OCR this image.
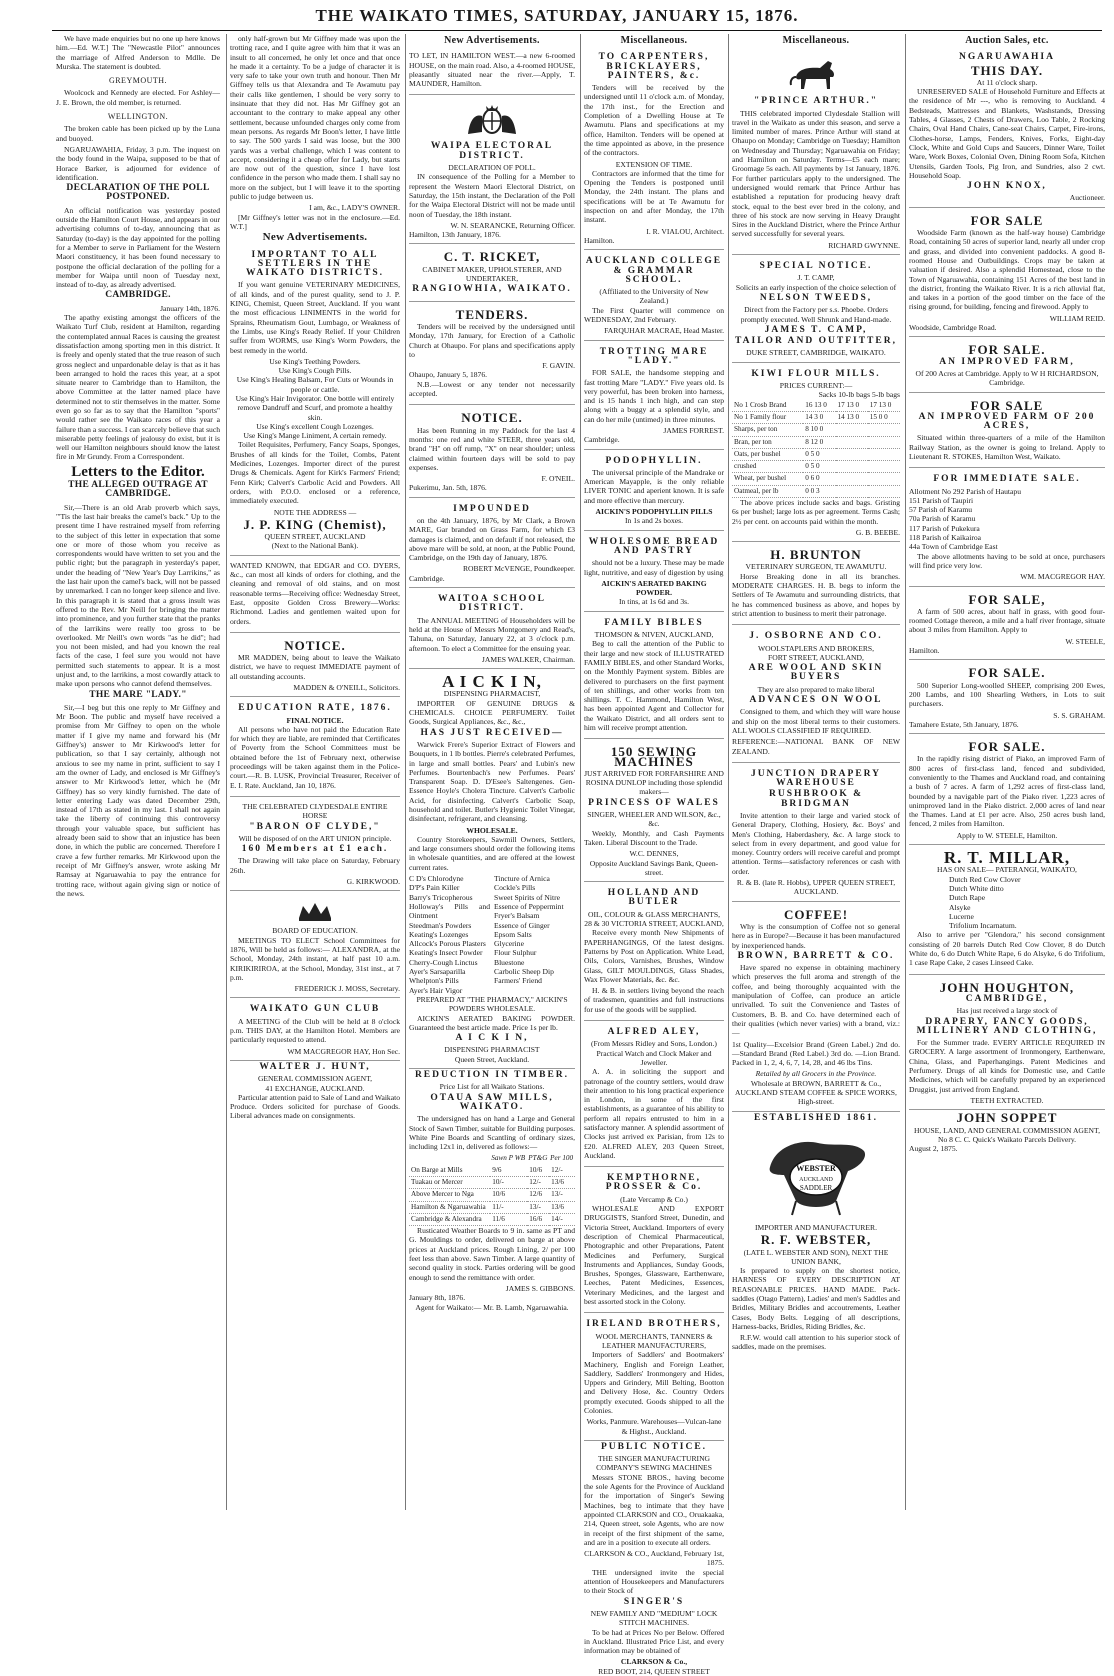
THE WAIKATO TIMES, SATURDAY, JANUARY 15, 1876.

We have made enquiries but no one up here knows him.—Ed. W.T.] The "Newcastle Pilot" announces the marriage of Alfred Anderson to Mdlle. De Murska. The statement is doubted.

GREYMOUTH.

Woolcock and Kennedy are elected. For Ashley—J. E. Brown, the old member, is returned.

WELLINGTON.

The broken cable has been picked up by the Luna and buoyed.

NGARUAWAHIA, Friday, 3 p.m. The inquest on the body found in the Waipa, supposed to be that of Horace Barker, is adjourned for evidence of identification.

DECLARATION OF THE POLL POSTPONED.

An official notification was yesterday posted outside the Hamilton Court House, and appears in our advertising columns of to-day, announcing that as Saturday (to-day) is the day appointed for the polling for a Member to serve in Parliament for the Western Maori constituency, it has been found necessary to postpone the official declaration of the polling for a member for Waipa until noon of Tuesday next, instead of to-day, as already advertised.

CAMBRIDGE.
January 14th, 1876.

The apathy existing amongst the officers of the Waikato Turf Club, resident at Hamilton, regarding the contemplated annual Races is causing the greatest dissatisfaction among sporting men in this district. It is freely and openly stated that the true reason of such gross neglect and unpardonable delay is that as it has been arranged to hold the races this year, at a spot situate nearer to Cambridge than to Hamilton, the above Committee at the latter named place have determined not to stir themselves in the matter. Some even go so far as to say that the Hamilton "sports" would rather see the Waikato races of this year a failure than a success. I can scarcely believe that such miserable petty feelings of jealousy do exist, but it is well our Hamilton neighbours should know the latest fire in Mr Grundy. From a Correspondent.

Letters to the Editor.
THE ALLEGED OUTRAGE AT CAMBRIDGE.

Sir,—There is an old Arab proverb which says, "'Tis the last hair breaks the camel's back." Up to the present time I have restrained myself from referring to the subject of this letter in expectation that some one or more of those whom you receive as correspondents would have written to set you and the public right; but the paragraph in yesterday's paper, under the heading of "New Year's Day Larrikins," as the last hair upon the camel's back, will not be passed by unremarked. I can no longer keep silence and live. In this paragraph it is stated that a gross insult was offered to the Rev. Mr Neill for bringing the matter into prominence, and you further state that the pranks of the larrikins were really too gross to be overlooked. Mr Neill's own words "as he did"; had you not been misled, and had you known the real facts of the case, I feel sure you would not have permitted such statements to appear. It is a most unjust and, to the larrikins, a most cowardly attack to make upon persons who cannot defend themselves.

THE MARE "LADY."

Sir,—I beg but this one reply to Mr Giffney and Mr Boon. The public and myself have received a promise from Mr Giffney to open on the whole matter if I give my name and forward his (Mr Giffney's) answer to Mr Kirkwood's letter for publication, so that I say certainly, although not anxious to see my name in print, sufficient to say I am the owner of Lady, and enclosed is Mr Giffney's answer to Mr Kirkwood's letter, which he (Mr Giffney) has so very kindly furnished. The date of letter entering Lady was dated December 29th, instead of 17th as stated in my last. I shall not again take the liberty of continuing this controversy through your valuable space, but sufficient has already been said to show that an injustice has been done, in which the public are concerned. Therefore I crave a few further remarks. Mr Kirkwood upon the receipt of Mr Giffney's answer, wrote asking Mr Ramsay at Ngaruawahia to pay the entrance for trotting race, without again giving sign or notice of the news.

only half-grown but Mr Giffney made was upon the trotting race, and I quite agree with him that it was an insult to all concerned, he only let once and that once he made it a certainty. To be a judge of character it is very safe to take your own truth and honour. Then Mr Giffney tells us that Alexandra and Te Awamutu pay their calls like gentlemen, I should be very sorry to insinuate that they did not. Has Mr Giffney got an accountant to the contrary to make appeal any other settlement, because unfounded charges only come from mean persons. As regards Mr Boon's letter, I have little to say. The 500 yards I said was loose, but the 300 yards was a verbal challenge, which I was content to accept, considering it a cheap offer for Lady, but starts are now out of the question, since I have lost confidence in the person who made them. I shall say no more on the subject, but I will leave it to the sporting public to judge between us.

I am, &c., LADY'S OWNER.

[Mr Giffney's letter was not in the enclosure.—Ed. W.T.]

New Advertisements.
IMPORTANT TO ALL SETTLERS IN THE WAIKATO DISTRICTS.

If you want genuine VETERINARY MEDICINES, of all kinds, and of the purest quality, send to J. P. KING, Chemist, Queen Street, Auckland. If you want the most efficacious LINIMENTS in the world for Sprains, Rheumatism Gout, Lumbago, or Weakness of the Limbs, use King's Ready Relief. If your Children suffer from WORMS, use King's Worm Powders, the best remedy in the world.

Use King's Teething Powders.
Use King's Cough Pills.
Use King's Healing Balsam, For Cuts or Wounds in people or cattle.
Use King's Hair Invigorator. One bottle will entirely remove Dandruff and Scurf, and promote a healthy skin.
Use King's excellent Cough Lozenges.
Use King's Mange Liniment, A certain remedy.

Toilet Requisites, Perfumery, Fancy Soaps, Sponges, Brushes of all kinds for the Toilet, Combs, Patent Medicines, Lozenges. Importer direct of the purest Drugs & Chemicals. Agent for Kirk's Farmers' Friend; Fenn Kirk; Calvert's Carbolic Acid and Powders. All orders, with P.O.O. enclosed or a reference, immediately executed.

NOTE THE ADDRESS —
J. P. KING (Chemist),
QUEEN STREET, AUCKLAND
(Next to the National Bank).

WANTED KNOWN, that EDGAR and CO. DYERS, &c., can most all kinds of orders for clothing, and the cleaning and removal of old stains, and on most reasonable terms—Receiving office: Wednesday Street, East, opposite Golden Cross Brewery—Works: Richmond. Ladies and gentlemen waited upon for orders.

NOTICE.

MR MADDEN, being about to leave the Waikato district, we have to request IMMEDIATE payment of all outstanding accounts.

MADDEN & O'NEILL, Solicitors.
EDUCATION RATE, 1876.
FINAL NOTICE.

All persons who have not paid the Education Rate for which they are liable, are reminded that Certificates of Poverty from the School Committees must be obtained before the 1st of February next, otherwise proceedings will be taken against them in the Police-court.—R. B. LUSK, Provincial Treasurer, Receiver of E. I. Rate. Auckland, Jan 10, 1876.

THE CELEBRATED CLYDESDALE ENTIRE HORSE
"BARON OF CLYDE,"
Will be disposed of on the ART UNION principle.
160 Members at £1 each.

The Drawing will take place on Saturday, February 26th.

G. KIRKWOOD.
BOARD OF EDUCATION.

MEETINGS TO ELECT School Committees for 1876, Will be held as follows:— ALEXANDRA, at the School, Monday, 24th instant, at half past 10 a.m. KIRIKIRIROA, at the School, Monday, 31st inst., at 7 p.m.

FREDERICK J. MOSS, Secretary.
WAIKATO GUN CLUB

A MEETING of the Club will be held at 8 o'clock p.m. THIS DAY, at the Hamilton Hotel. Members are particularly requested to attend.

WM MACGREGOR HAY, Hon Sec.
WALTER J. HUNT,
GENERAL COMMISSION AGENT,
41 EXCHANGE, AUCKLAND.

Particular attention paid to Sale of Land and Waikato Produce. Orders solicited for purchase of Goods. Liberal advances made on consignments.

New Advertisements.

TO LET, IN HAMILTON WEST.—a new 6-roomed HOUSE, on the main road. Also, a 4-roomed HOUSE, pleasantly situated near the river.—Apply, T. MAUNDER, Hamilton.

WAIPA ELECTORAL DISTRICT.
DECLARATION OF POLL.

IN consequence of the Polling for a Member to represent the Western Maori Electoral District, on Saturday, the 15th instant, the Declaration of the Poll for the Waipa Electoral District will not be made until noon of Tuesday, the 18th instant.

W. N. SEARANCKE, Returning Officer.
Hamilton, 13th January, 1876.
C. T. RICKET,
CABINET MAKER, UPHOLSTERER, AND UNDERTAKER,
RANGIOWHIA, WAIKATO.
TENDERS.

Tenders will be received by the undersigned until Monday, 17th January, for Erection of a Catholic Church at Ohaupo. For plans and specifications apply to

F. GAVIN.
Ohaupo, January 5, 1876.

N.B.—Lowest or any tender not necessarily accepted.

NOTICE.

Has been Running in my Paddock for the last 4 months: one red and white STEER, three years old, brand "H" on off rump, "X" on near shoulder; unless claimed within fourteen days will be sold to pay expenses.

F. O'NEIL.
Pukerimu, Jan. 5th, 1876.
IMPOUNDED

on the 4th January, 1876, by Mr Clark, a Brown MARE, Gar branded on Grass Farm, for which £3 damages is claimed, and on default if not released, the above mare will be sold, at noon, at the Public Pound, Cambridge, on the 19th day of January, 1876.

ROBERT McVENGE, Poundkeeper.
Cambridge.
WAITOA SCHOOL DISTRICT.

The ANNUAL MEETING of Householders will be held at the House of Messrs Montgomery and Read's, Tahuna, on Saturday, January 22, at 3 o'clock p.m. afternoon. To elect a Committee for the ensuing year.

JAMES WALKER, Chairman.
A I C K I N,
DISPENSING PHARMACIST,

IMPORTER OF GENUINE DRUGS & CHEMICALS. CHOICE PERFUMERY. Toilet Goods, Surgical Appliances, &c., &c.,

HAS JUST RECEIVED—

Warwick Frere's Superior Extract of Flowers and Bouquets, in 1 lb bottles. Pierre's celebrated Perfumes, in large and small bottles. Pears' and Lubin's new Perfumes. Bourtenbach's new Perfumes. Pears' Transparent Soap. D. D'Esee's Saltengenes. Gen-Essence Hoyle's Cholera Tincture. Calvert's Carbolic Acid, for disinfecting. Calvert's Carbolic Soap, household and toilet. Butler's Hygienic Toilet Vinegar, disinfectant, refrigerant, and cleansing.

WHOLESALE.

Country Storekeepers, Sawmill Owners, Settlers, and large consumers should order the following items in wholesale quantities, and are offered at the lowest current rates.

C D's Chlorodyne
D'P's Pain Killer
Barry's Tricopherous
Holloway's Pills and Ointment
Steedman's Powders
Keating's Lozenges
Allcock's Porous Plasters
Keating's Insect Powder
Cherry-Cough Linctus
Ayer's Sarsaparilla
Whelpton's Pills
Ayer's Hair Vigor
Tincture of Arnica
Cockle's Pills
Sweet Spirits of Nitre
Essence of Peppermint
Fryer's Balsam
Essence of Ginger
Epsom Salts
Glycerine
Flour Sulphur
Bluestone
Carbolic Sheep Dip
Farmers' Friend
PREPARED AT "THE PHARMACY," AICKIN'S POWDERS WHOLESALE.

AICKIN'S AERATED BAKING POWDER. Guaranteed the best article made. Price 1s per lb.

A I C K I N,
DISPENSING PHARMACIST
Queen Street, Auckland.
REDUCTION IN TIMBER.
Price List for all Waikato Stations.
OTAUA SAW MILLS, WAIKATO.

The undersigned has on hand a Large and General Stock of Sawn Timber, suitable for Building purposes. White Pine Boards and Scantling of ordinary sizes, including 12x1 in, delivered as follows:—

	Sawn P WB	PT&G	Per 100
On Barge at Mills	9/6	10/6	12/-
Tuakau or Mercer	10/-	12/-	13/6
Above Mercer to Nga	10/6	12/6	13/-
Hamilton & Ngaruawahia	11/-	13/-	13/6
Cambridge & Alexandra	11/6	16/6	14/-

Rusticated Weather Boards to 9 in. same as PT and G. Mouldings to order, delivered on barge at above prices at Auckland prices. Rough Lining, 2/ per 100 feet less than above. Sawn Timber. A large quantity of second quality in stock. Parties ordering will be good enough to send the remittance with order.

JAMES S. GIBBONS.
January 8th, 1876.
Agent for Waikato:— Mr. B. Lamb, Ngaruawahia.
Miscellaneous.
TO CARPENTERS, BRICKLAYERS, PAINTERS, &c.

Tenders will be received by the undersigned until 11 o'clock a.m. of Monday, the 17th inst., for the Erection and Completion of a Dwelling House at Te Awamutu. Plans and specifications at my office, Hamilton. Tenders will be opened at the time appointed as above, in the presence of the contractors.

EXTENSION OF TIME.

Contractors are informed that the time for Opening the Tenders is postponed until Monday, the 24th instant. The plans and specifications will be at Te Awamutu for inspection on and after Monday, the 17th instant.

I. R. VIALOU, Architect.
Hamilton.
AUCKLAND COLLEGE & GRAMMAR SCHOOL.
(Affiliated to the University of New Zealand.)

The First Quarter will commence on WEDNESDAY, 2nd February.

FARQUHAR MACRAE, Head Master.
TROTTING MARE "LADY."

FOR SALE, the handsome stepping and fast trotting Mare "LADY." Five years old. Is very powerful, has been broken into harness, and is 15 hands 1 inch high, and can step along with a buggy at a splendid style, and can do her mile (untimed) in three minutes.

JAMES FORREST.
Cambridge.
PODOPHYLLIN.

The universal principle of the Mandrake or American Mayapple, is the only reliable LIVER TONIC and aperient known. It is safe and more effective than mercury.

AICKIN'S PODOPHYLLIN PILLS
In 1s and 2s boxes.
WHOLESOME BREAD AND PASTRY

should not be a luxury. These may be made light, nutritive, and easy of digestion by using

AICKIN'S AERATED BAKING POWDER.
In tins, at 1s 6d and 3s.
FAMILY BIBLES
THOMSON & NIVEN, AUCKLAND,

Beg to call the attention of the Public to their large and new stock of ILLUSTRATED FAMILY BIBLES, and other Standard Works, on the Monthly Payment system. Bibles are delivered to purchasers on the first payment of ten shillings, and other works from ten shillings. T. C. Hammond, Hamilton West, has been appointed Agent and Collector for the Waikato District, and all orders sent to him will receive prompt attention.

150 SEWING MACHINES
JUST ARRIVED FOR FORFARSHIRE AND ROSINA DUNLOP including those splendid makers—
PRINCESS OF WALES
SINGER, WHEELER AND WILSON, &c., &c.

Weekly, Monthly, and Cash Payments Taken. Liberal Discount to the Trade.

W.C. DENNES,
Opposite Auckland Savings Bank, Queen-street.
HOLLAND AND BUTLER
OIL, COLOUR & GLASS MERCHANTS,
28 & 30 VICTORIA STREET, AUCKLAND,

Receive every month New Shipments of PAPERHANGINGS, Of the latest designs. Patterns by Post on Application. White Lead, Oils, Colors, Varnishes, Brushes, Window Glass, GILT MOULDINGS, Glass Shades, Wax Flower Materials, &c. &c.

H. & B. in settlers living beyond the reach of tradesmen, quantities and full instructions for use of the goods will be supplied.

ALFRED ALEY,
(From Messrs Ridley and Sons, London.)
Practical Watch and Clock Maker and Jeweller.

A. A. in soliciting the support and patronage of the country settlers, would draw their attention to his long practical experience in London, in some of the first establishments, as a guarantee of his ability to perform all repairs entrusted to him in a satisfactory manner. A splendid assortment of Clocks just arrived ex Parisian, from 12s to £20. ALFRED ALEY, 203 Queen Street, Auckland.

KEMPTHORNE, PROSSER & Co.
(Late Vercamp & Co.)

WHOLESALE AND EXPORT DRUGGISTS, Stanford Street, Dunedin, and Victoria Street, Auckland. Importers of every description of Chemical Pharmaceutical, Photographic and other Preparations, Patent Medicines and Perfumery, Surgical Instruments and Appliances, Sunday Goods, Brushes, Sponges, Glassware, Earthenware, Leeches, Patent Medicines, Essences, Veterinary Medicines, and the largest and best assorted stock in the Colony.

IRELAND BROTHERS,
WOOL MERCHANTS, TANNERS & LEATHER MANUFACTURERS,

Importers of Saddlers' and Bootmakers' Machinery, English and Foreign Leather, Saddlery, Saddlers' Ironmongery and Hides, Uppers and Grindery, Mill Belting, Bootton and Delivery Hose, &c. Country Orders promptly executed. Goods shipped to all the Colonies.

Works, Panmure. Warehouses—Vulcan-lane & Highst., Auckland.
PUBLIC NOTICE.
THE SINGER MANUFACTURING COMPANY'S SEWING MACHINES

Messrs STONE BROS., having become the sole Agents for the Province of Auckland for the importation of Singer's Sewing Machines, beg to intimate that they have appointed CLARKSON and CO., Oruakaaka, 214, Queen street, sole Agents, who are now in receipt of the first shipment of the same, and are in a position to execute all orders.

CLARKSON & CO., Auckland, February 1st, 1875.

THE undersigned invite the special attention of Housekeepers and Manufacturers to their Stock of

SINGER'S
NEW FAMILY AND "MEDIUM" LOCK STITCH MACHINES.

To be had at Prices No per Below. Offered in Auckland. Illustrated Price List, and every information may be obtained of

CLARKSON & Co.,
RED BOOT, 214, QUEEN STREET
Miscellaneous.
"PRINCE ARTHUR."

THIS celebrated imported Clydesdale Stallion will travel in the Waikato as under this season, and serve a limited number of mares. Prince Arthur will stand at Ohaupo on Monday; Cambridge on Tuesday; Hamilton on Wednesday and Thursday; Ngaruawahia on Friday; and Hamilton on Saturday. Terms—£5 each mare; Groomage 5s each. All payments by 1st January, 1876. For further particulars apply to the undersigned. The undersigned would remark that Prince Arthur has established a reputation for producing heavy draft stock, equal to the best ever bred in the colony, and three of his stock are now serving in Heavy Draught Sires in the Auckland District, where the Prince Arthur served successfully for several years.

RICHARD GWYNNE.
SPECIAL NOTICE.
J. T. CAMP,
Solicits an early inspection of the choice selection of
NELSON TWEEDS,
Direct from the Factory per s.s. Phoebe. Orders promptly executed. Well Shrunk and Hand-made.
JAMES T. CAMP,
TAILOR AND OUTFITTER,
DUKE STREET, CAMBRIDGE, WAIKATO.
KIWI FLOUR MILLS.
PRICES CURRENT:—
Sacks 10-lb bags 5-lb bags
No 1 Crosb Brand	16 13 0	17 13 0	17 13 0
No 1 Family flour	14 3 0	14 13 0	15 0 0
Sharps, per ton	8 10 0		
Bran, per ton	8 12 0		
Oats, per bushel	0 5 0		
crushed	0 5 0		
Wheat, per bushel	0 6 0		
Oatmeal, per lb	0 0 3		

The above prices include sacks and bags. Gristing 6s per bushel; large lots as per agreement. Terms Cash; 2½ per cent. on accounts paid within the month.

G. B. BEEBE.
H. BRUNTON
VETERINARY SURGEON, TE AWAMUTU.

Horse Breaking done in all its branches. MODERATE CHARGES. H. B. begs to inform the Settlers of Te Awamutu and surrounding districts, that he has commenced business as above, and hopes by strict attention to business to merit their patronage.

J. OSBORNE AND CO.
WOOLSTAPLERS AND BROKERS,
FORT STREET, AUCKLAND,
ARE WOOL AND SKIN BUYERS
They are also prepared to make liberal
ADVANCES ON WOOL

Consigned to them, and which they will ware house and ship on the most liberal terms to their customers. ALL WOOLS CLASSIFIED IF REQUIRED.

REFERENCE:—NATIONAL BANK OF NEW ZEALAND.

JUNCTION DRAPERY WAREHOUSE
RUSHBROOK & BRIDGMAN

Invite attention to their large and varied stock of General Drapery, Clothing, Hosiery, &c. Boys' and Men's Clothing, Haberdashery, &c. A large stock to select from in every department, and good value for money. Country orders will receive careful and prompt attention. Terms—satisfactory references or cash with order.

R. & B. (late R. Hobbs), UPPER QUEEN STREET, AUCKLAND.
COFFEE!

Why is the consumption of Coffee not so general here as in Europe?—Because it has been manufactured by inexperienced hands.

BROWN, BARRETT & CO.

Have spared no expense in obtaining machinery which preserves the full aroma and strength of the coffee, and being thoroughly acquainted with the manipulation of Coffee, can produce an article unrivalled. To suit the Convenience and Tastes of Customers, B. B. and Co. have determined each of their qualities (which never varies) with a brand, viz.:—

1st Quality—Excelsior Brand (Green Label.) 2nd do. —Standard Brand (Red Label.) 3rd do. —Lion Brand. Packed in 1, 2, 4, 6, 7, 14, 28, and 46 lbs Tins.

Retailed by all Grocers in the Province.
Wholesale at BROWN, BARRETT & Co., AUCKLAND STEAM COFFEE & SPICE WORKS, High-street.
ESTABLISHED 1861.
WEBSTER
AUCKLAND
SADDLER
IMPORTER AND MANUFACTURER.
R. F. WEBSTER,
(LATE L. WEBSTER AND SON), NEXT THE UNION BANK,

Is prepared to supply on the shortest notice, HARNESS OF EVERY DESCRIPTION AT REASONABLE PRICES. HAND MADE. Pack-saddles (Otago Pattern), Ladies' and men's Saddles and Bridles, Military Bridles and accoutrements, Leather Cases, Body Belts. Legging of all descriptions, Harness-backs, Bridles, Riding Bridles, &c.

R.F.W. would call attention to his superior stock of saddles, made on the premises.

Auction Sales, etc.
NGARUAWAHIA
THIS DAY.
At 11 o'clock sharp.

UNRESERVED SALE of Household Furniture and Effects at the residence of Mr ---, who is removing to Auckland. 4 Bedsteads, Mattresses and Blankets, Washstands, Dressing Tables, 4 Glasses, 2 Chests of Drawers, Loo Table, 2 Rocking Chairs, Oval Hand Chairs, Cane-seat Chairs, Carpet, Fire-irons, Clothes-horse, Lamps, Fenders, Knives, Forks, Eight-day Clock, White and Gold Cups and Saucers, Dinner Ware, Toilet Ware, Work Boxes, Colonial Oven, Dining Room Sofa, Kitchen Utensils, Garden Tools, Pig Iron, and Sundries, also 2 cwt. Household Soap.

JOHN KNOX,
Auctioneer.
FOR SALE

Woodside Farm (known as the half-way house) Cambridge Road, containing 50 acres of superior land, nearly all under crop and grass, and divided into convenient paddocks. A good 8-roomed House and Outbuildings. Crops may be taken at valuation if desired. Also a splendid Homestead, close to the Town of Ngaruawahia, containing 151 Acres of the best land in the district, fronting the Waikato River. It is a rich alluvial flat, and takes in a portion of the good timber on the face of the rising ground, for building, fencing and firewood. Apply to

WILLIAM REID.
Woodside, Cambridge Road.
FOR SALE.
AN IMPROVED FARM,
Of 200 Acres at Cambridge. Apply to W H RICHARDSON, Cambridge.
FOR SALE
AN IMPROVED FARM OF 200 ACRES,

Situated within three-quarters of a mile of the Hamilton Railway Station, as the owner is going to Ireland. Apply to Lieutenant R. STOKES, Hamilton West, Waikato.

FOR IMMEDIATE SALE.
Allotment No 292 Parish of Hautapu
151 Parish of Taupiri
57 Parish of Karamu
70a Parish of Karamu
117 Parish of Pukekura
118 Parish of Kaikairoa
44a Town of Cambridge East

The above allotments having to be sold at once, purchasers will find price very low.

WM. MACGREGOR HAY.
FOR SALE,

A farm of 500 acres, about half in grass, with good four-roomed Cottage thereon, a mile and a half river frontage, situate about 3 miles from Hamilton. Apply to

W. STEELE,
Hamilton.
FOR SALE.

500 Superior Long-woolled SHEEP, comprising 200 Ewes, 200 Lambs, and 100 Shearling Wethers, in Lots to suit purchasers.

S. S. GRAHAM.
Tamahere Estate, 5th January, 1876.
FOR SALE.

In the rapidly rising district of Piako, an improved Farm of 800 acres of first-class land, fenced and subdivided, conveniently to the Thames and Auckland road, and containing a bush of 7 acres. A farm of 1,292 acres of first-class land, bounded by a navigable part of the Piako river. 1,223 acres of unimproved land in the Piako district. 2,000 acres of land near the Thames. Land at £1 per acre. Also, 250 acres bush land, fenced, 2 miles from Hamilton.

Apply to W. STEELE, Hamilton.
R. T. MILLAR,
HAS ON SALE— PATERANGI, WAIKATO,
Dutch Red Cow Clover
Dutch White ditto
Dutch Rape
Alsyke
Lucerne
Trifolium Incarnatum.

Also to arrive per "Glendora," his second consignment consisting of 20 barrels Dutch Red Cow Clover, 8 do Dutch White do, 6 do Dutch White Rape, 6 do Alsyke, 6 do Trifolium, 1 case Rape Cake, 2 cases Linseed Cake.

JOHN HOUGHTON,
CAMBRIDGE,
Has just received a large stock of
DRAPERY, FANCY GOODS, MILLINERY AND CLOTHING,

For the Summer trade. EVERY ARTICLE REQUIRED IN GROCERY. A large assortment of Ironmongery, Earthenware, China, Glass, and Paperhangings. Patent Medicines and Perfumery. Drugs of all kinds for Domestic use, and Cattle Medicines, which will be carefully prepared by an experienced Druggist, just arrived from England.

TEETH EXTRACTED.
JOHN SOPPET
HOUSE, LAND, AND GENERAL COMMISSION AGENT,
No 8 C. C. Quick's Waikato Parcels Delivery.
August 2, 1875.
